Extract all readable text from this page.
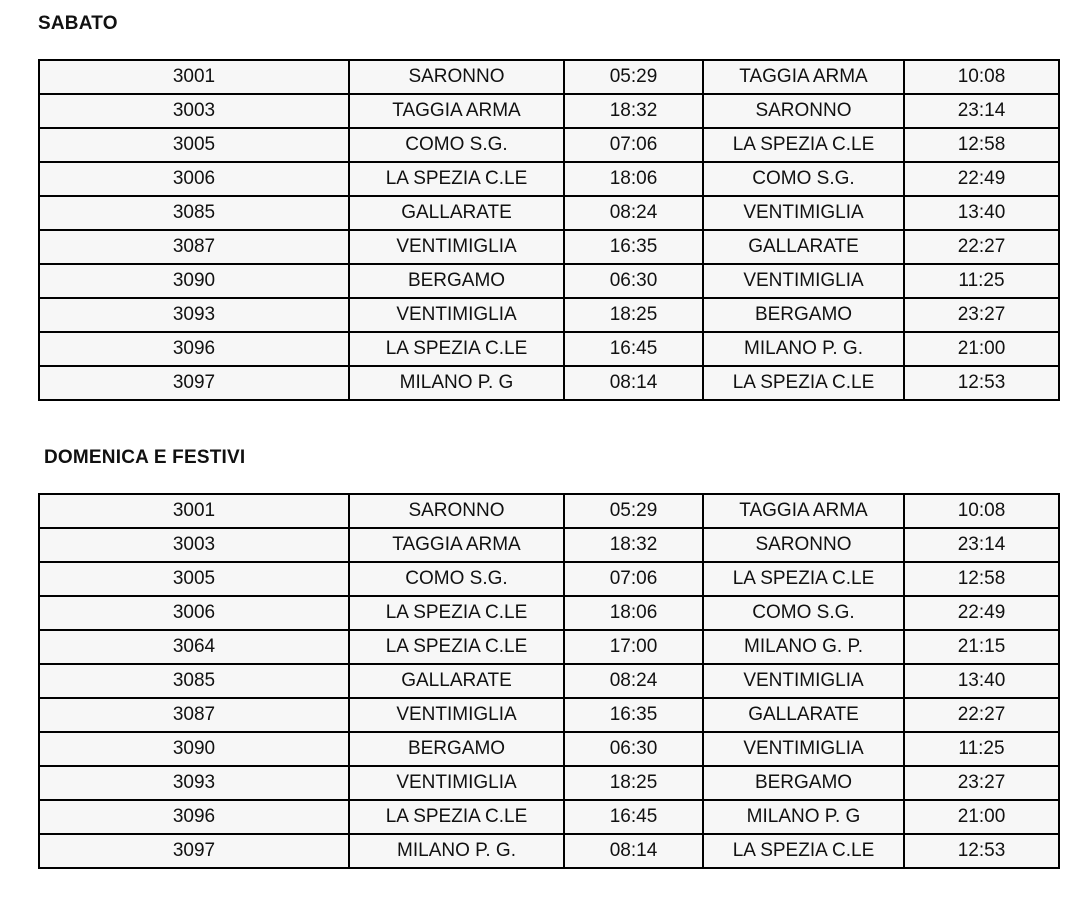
SABATO
3001	SARONNO	05:29	TAGGIA ARMA	10:08
3003	TAGGIA ARMA	18:32	SARONNO	23:14
3005	COMO S.G.	07:06	LA SPEZIA C.LE	12:58
3006	LA SPEZIA C.LE	18:06	COMO S.G.	22:49
3085	GALLARATE	08:24	VENTIMIGLIA	13:40
3087	VENTIMIGLIA	16:35	GALLARATE	22:27
3090	BERGAMO	06:30	VENTIMIGLIA	11:25
3093	VENTIMIGLIA	18:25	BERGAMO	23:27
3096	LA SPEZIA C.LE	16:45	MILANO P. G.	21:00
3097	MILANO P. G	08:14	LA SPEZIA C.LE	12:53
DOMENICA E FESTIVI
3001	SARONNO	05:29	TAGGIA ARMA	10:08
3003	TAGGIA ARMA	18:32	SARONNO	23:14
3005	COMO S.G.	07:06	LA SPEZIA C.LE	12:58
3006	LA SPEZIA C.LE	18:06	COMO S.G.	22:49
3064	LA SPEZIA C.LE	17:00	MILANO G. P.	21:15
3085	GALLARATE	08:24	VENTIMIGLIA	13:40
3087	VENTIMIGLIA	16:35	GALLARATE	22:27
3090	BERGAMO	06:30	VENTIMIGLIA	11:25
3093	VENTIMIGLIA	18:25	BERGAMO	23:27
3096	LA SPEZIA C.LE	16:45	MILANO P. G	21:00
3097	MILANO P. G.	08:14	LA SPEZIA C.LE	12:53
